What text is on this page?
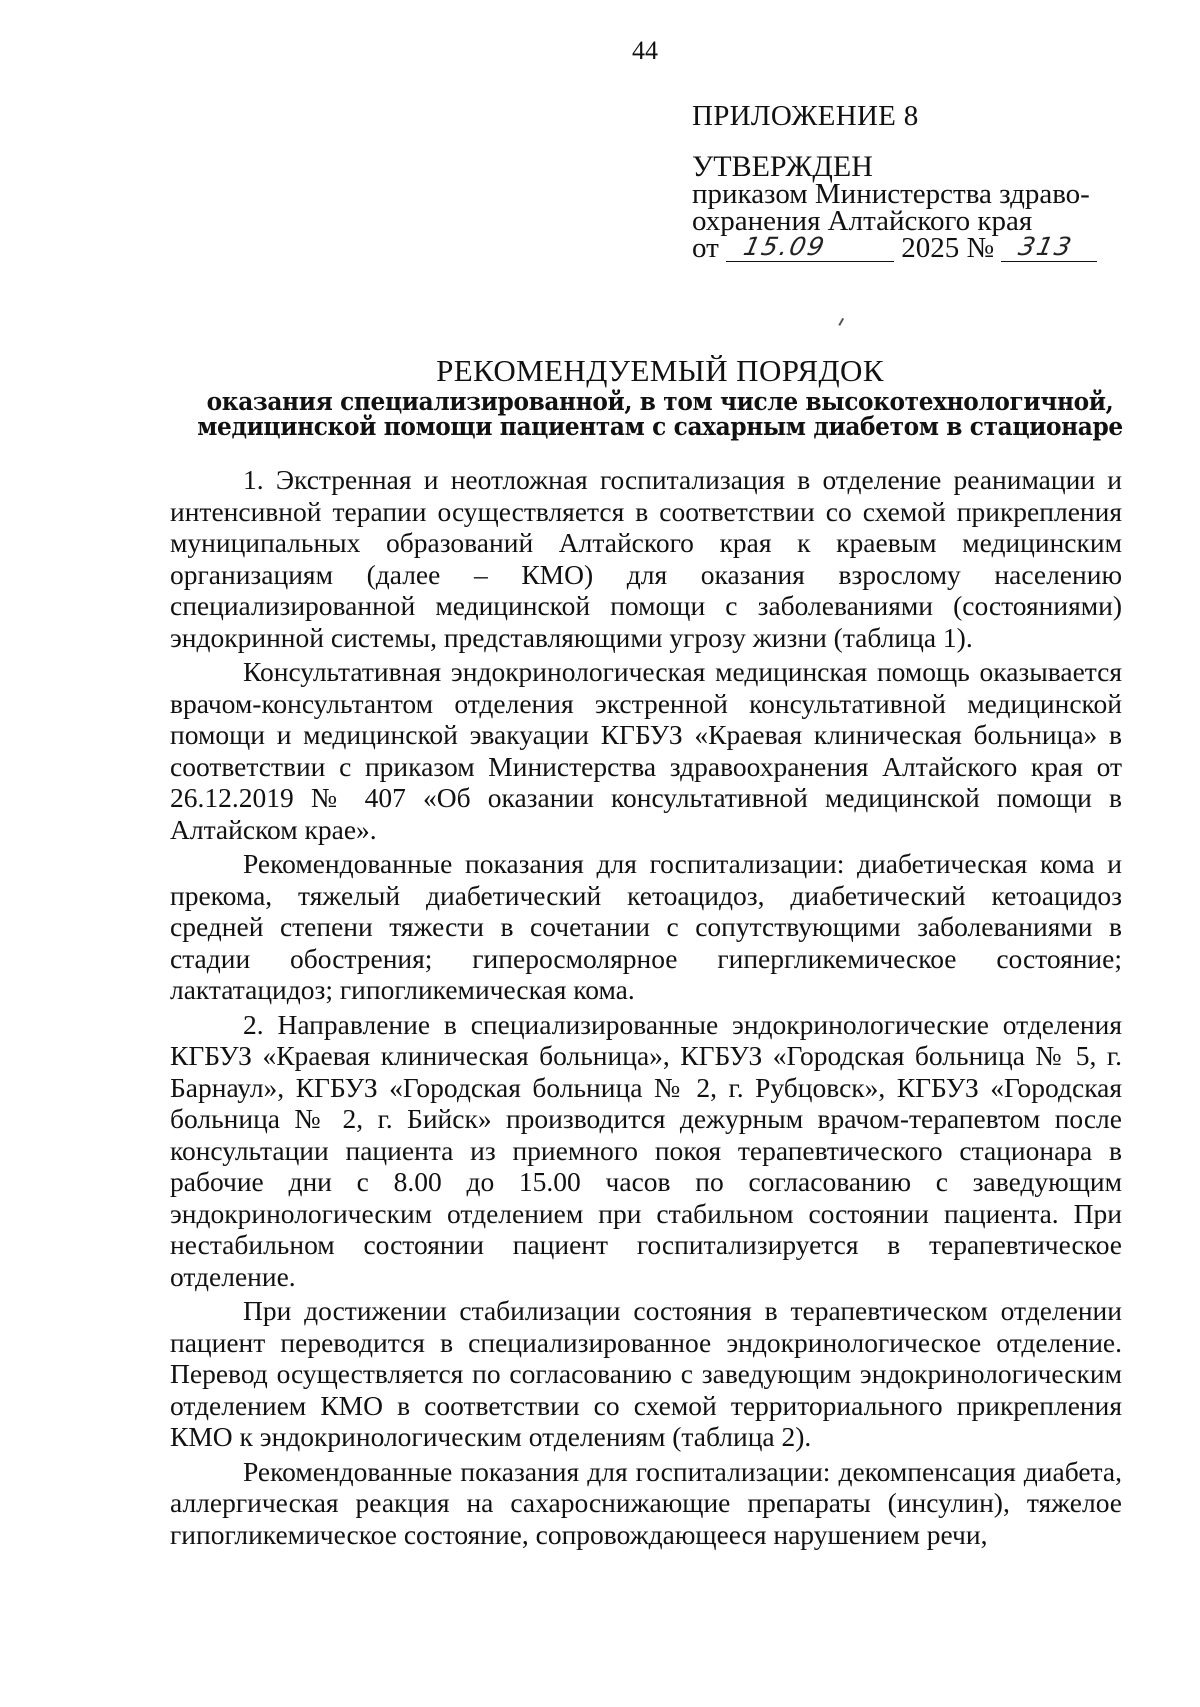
44
ПРИЛОЖЕНИЕ 8
УТВЕРЖДЕН
приказом Министерства здраво-
охранения Алтайского края
от 15.09	2025 № 313
РЕКОМЕНДУЕМЫЙ ПОРЯДОК
оказания специализированной, в том числе высокотехнологичной, медицинской помощи пациентам с сахарным диабетом в стационаре

1. Экстренная и неотложная госпитализация в отделение реанимации и интенсивной терапии осуществляется в соответствии со схемой прикрепления муниципальных образований Алтайского края к краевым медицинским организациям (далее – КМО) для оказания взрослому населению специализированной медицинской помощи с заболеваниями (состояниями) эндокринной системы, представляющими угрозу жизни (таблица 1).

Консультативная эндокринологическая медицинская помощь оказывается врачом-консультантом отделения экстренной консультативной медицинской помощи и медицинской эвакуации КГБУЗ «Краевая клиническая больница» в соответствии с приказом Министерства здравоохранения Алтайского края от 26.12.2019 № 407 «Об оказании консультативной медицинской помощи в Алтайском крае».

Рекомендованные показания для госпитализации: диабетическая кома и прекома, тяжелый диабетический кетоацидоз, диабетический кетоацидоз средней степени тяжести в сочетании с сопутствующими заболеваниями в стадии обострения; гиперосмолярное гипергликемическое состояние; лактатацидоз; гипогликемическая кома.

2. Направление в специализированные эндокринологические отделения КГБУЗ «Краевая клиническая больница», КГБУЗ «Городская больница № 5, г. Барнаул», КГБУЗ «Городская больница № 2, г. Рубцовск», КГБУЗ «Городская больница № 2, г. Бийск» производится дежурным врачом-терапевтом после консультации пациента из приемного покоя терапевтического стационара в рабочие дни с 8.00 до 15.00 часов по согласованию с заведующим эндокринологическим отделением при стабильном состоянии пациента. При нестабильном состоянии пациент госпитализируется в терапевтическое отделение.

При достижении стабилизации состояния в терапевтическом отделении пациент переводится в специализированное эндокринологическое отделение. Перевод осуществляется по согласованию с заведующим эндокринологическим отделением КМО в соответствии со схемой территориального прикрепления КМО к эндокринологическим отделениям (таблица 2).

Рекомендованные показания для госпитализации: декомпенсация диабета, аллергическая реакция на сахароснижающие препараты (инсулин), тяжелое гипогликемическое состояние, сопровождающееся нарушением речи,
